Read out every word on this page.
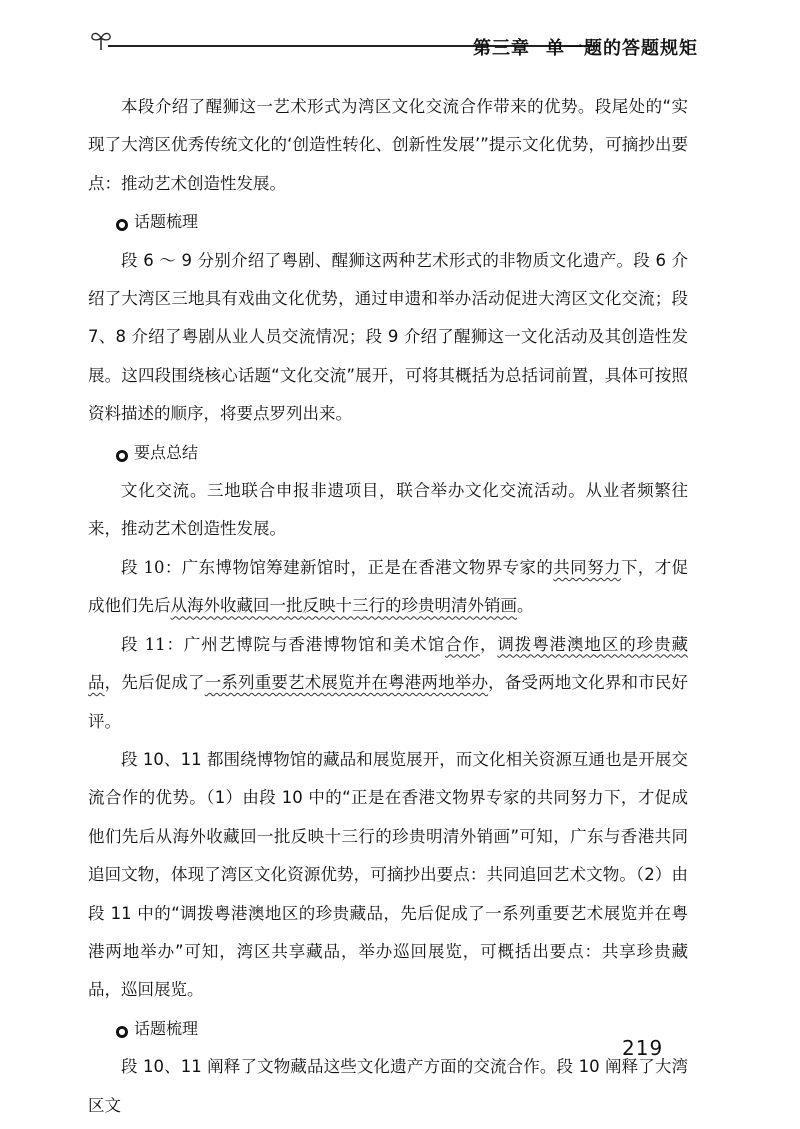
第三章 单一题的答题规矩

本段介绍了醒狮这一艺术形式为湾区文化交流合作带来的优势。段尾处的“实现了大湾区优秀传统文化的‘创造性转化、创新性发展’”提示文化优势，可摘抄出要点：推动艺术创造性发展。

● 话题梳理

段 6 ～ 9 分别介绍了粤剧、醒狮这两种艺术形式的非物质文化遗产。段 6 介绍了大湾区三地具有戏曲文化优势，通过申遗和举办活动促进大湾区文化交流；段 7、8 介绍了粤剧从业人员交流情况；段 9 介绍了醒狮这一文化活动及其创造性发展。这四段围绕核心话题“文化交流”展开，可将其概括为总括词前置，具体可按照资料描述的顺序，将要点罗列出来。

● 要点总结

文化交流。三地联合申报非遗项目，联合举办文化交流活动。从业者频繁往来，推动艺术创造性发展。

段 10：广东博物馆筹建新馆时，正是在香港文物界专家的共同努力下，才促成他们先后从海外收藏回一批反映十三行的珍贵明清外销画。

段 11：广州艺博院与香港博物馆和美术馆合作，调拨粤港澳地区的珍贵藏品，先后促成了一系列重要艺术展览并在粤港两地举办，备受两地文化界和市民好评。

段 10、11 都围绕博物馆的藏品和展览展开，而文化相关资源互通也是开展交流合作的优势。（1）由段 10 中的“正是在香港文物界专家的共同努力下，才促成他们先后从海外收藏回一批反映十三行的珍贵明清外销画”可知，广东与香港共同追回文物，体现了湾区文化资源优势，可摘抄出要点：共同追回艺术文物。（2）由段 11 中的“调拨粤港澳地区的珍贵藏品，先后促成了一系列重要艺术展览并在粤港两地举办”可知，湾区共享藏品，举办巡回展览，可概括出要点：共享珍贵藏品，巡回展览。

● 话题梳理

段 10、11 阐释了文物藏品这些文化遗产方面的交流合作。段 10 阐释了大湾区文

219
